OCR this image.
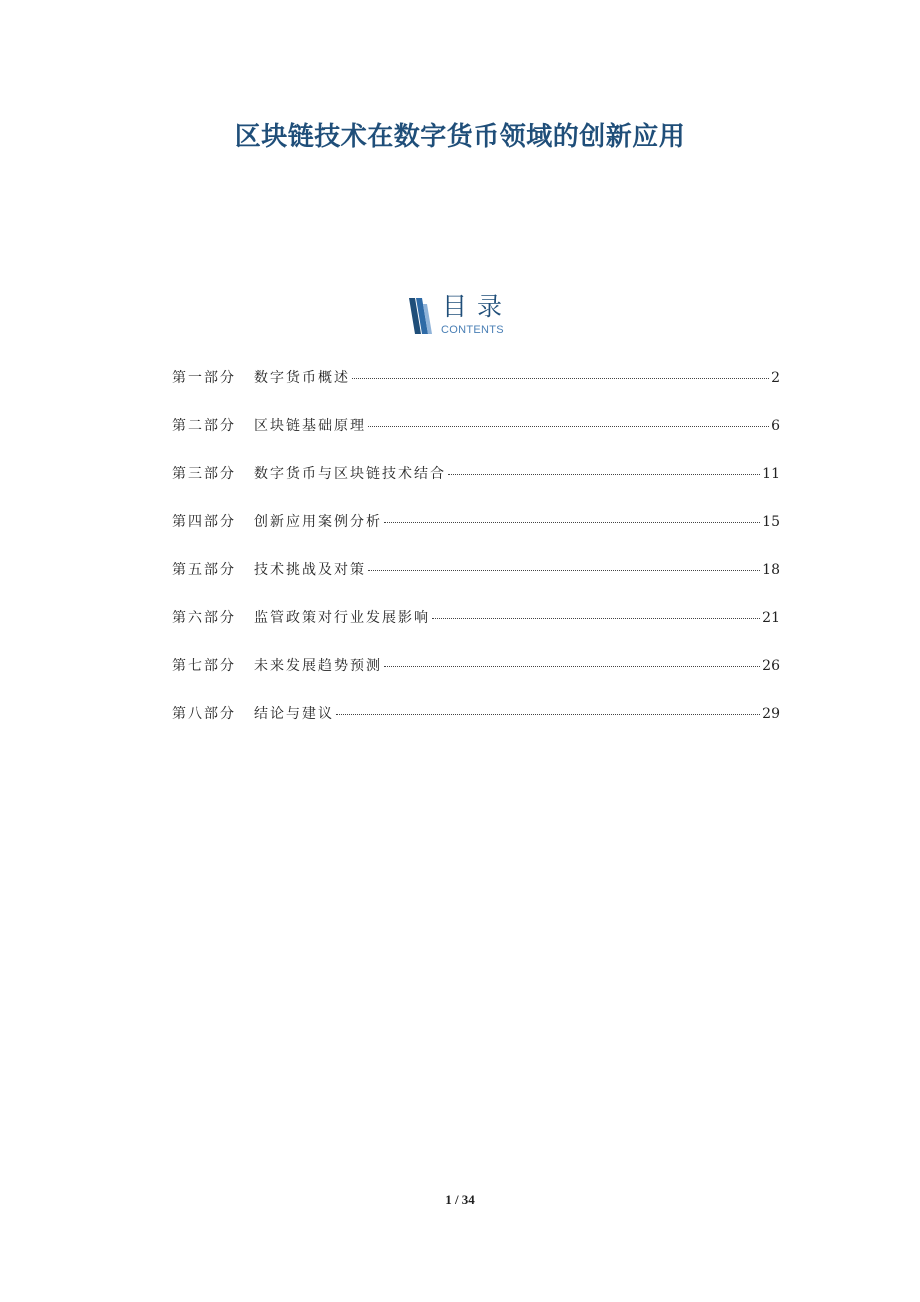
区块链技术在数字货币领域的创新应用
目录
CONTENTS
第一部分	数字货币概述	2
第二部分	区块链基础原理	6
第三部分	数字货币与区块链技术结合	11
第四部分	创新应用案例分析	15
第五部分	技术挑战及对策	18
第六部分	监管政策对行业发展影响	21
第七部分	未来发展趋势预测	26
第八部分	结论与建议	29
1 / 34
